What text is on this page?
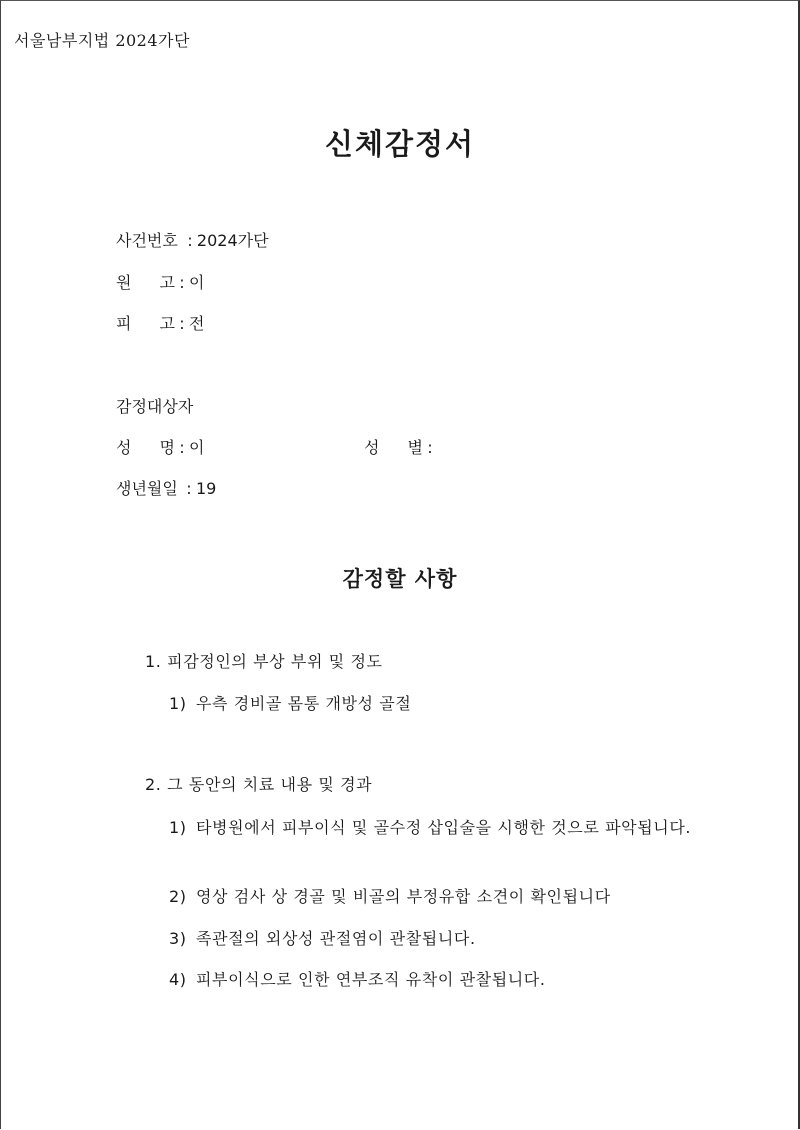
서울남부지법 2024가단
신체감정서
사건번호 : 2024가단
원 고 : 이
피 고 : 전
감정대상자
성 명 : 이	성 별 :
생년월일 : 19
감정할 사항
1. 피감정인의 부상 부위 및 정도
1) 우측 경비골 몸통 개방성 골절
2. 그 동안의 치료 내용 및 경과
1) 타병원에서 피부이식 및 골수정 삽입술을 시행한 것으로 파악됩니다.
2) 영상 검사 상 경골 및 비골의 부정유합 소견이 확인됩니다
3) 족관절의 외상성 관절염이 관찰됩니다.
4) 피부이식으로 인한 연부조직 유착이 관찰됩니다.
